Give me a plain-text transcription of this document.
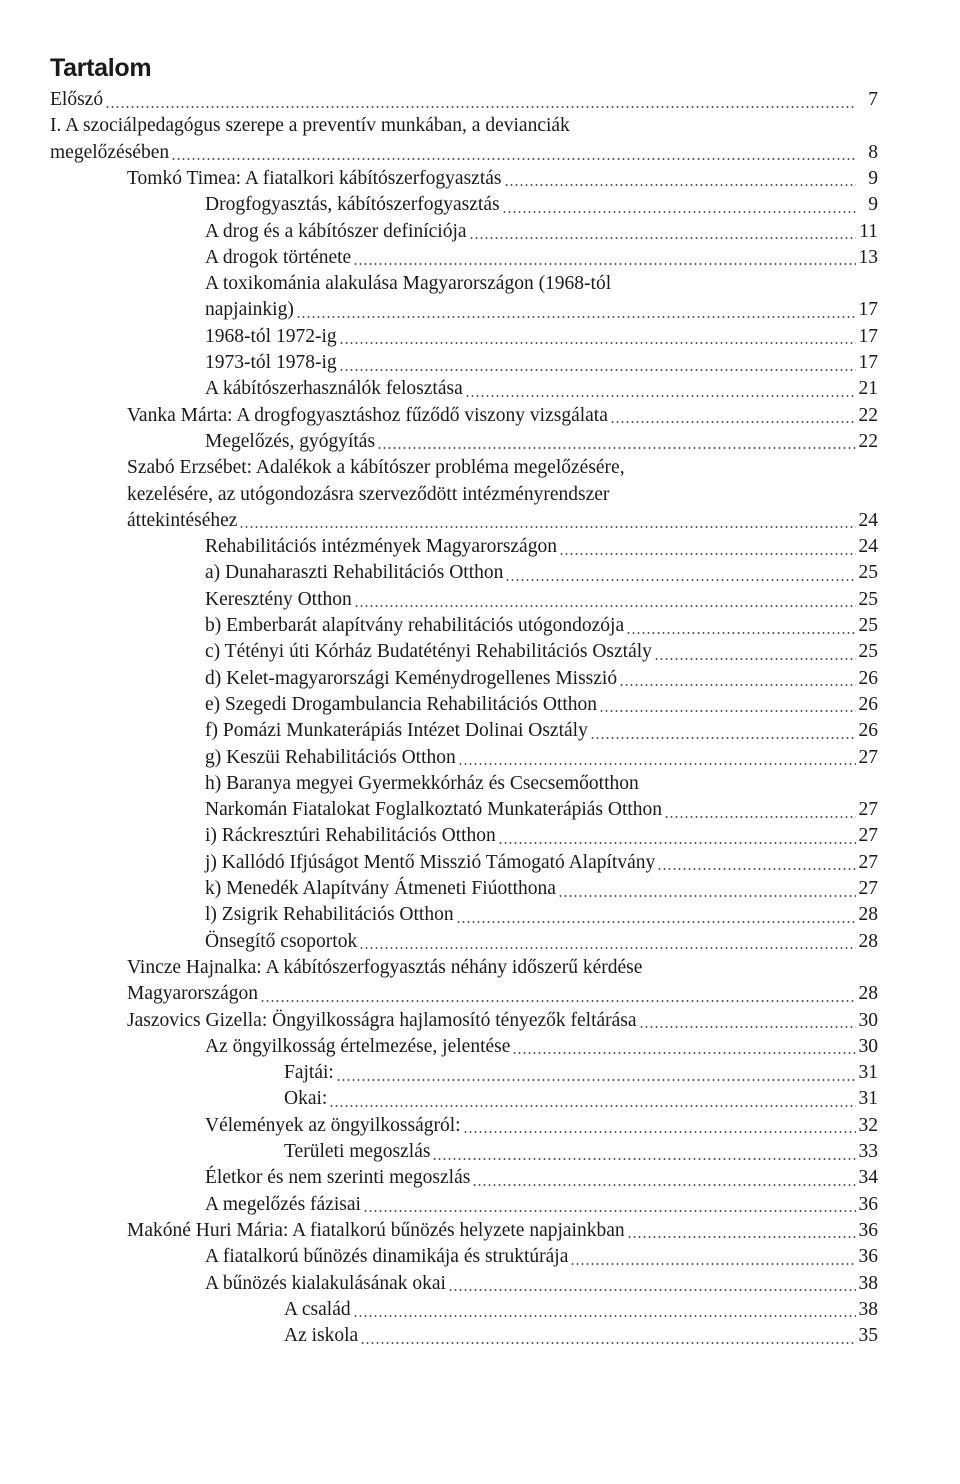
Tartalom
Előszó	7
I. A szociálpedagógus szerepe a preventív munkában, a devianciák
megelőzésében	8
Tomkó Timea: A fiatalkori kábítószerfogyasztás	9
Drogfogyasztás, kábítószerfogyasztás	9
A drog és a kábítószer definíciója	11
A drogok története	13
A toxikománia alakulása Magyarországon (1968-tól
napjainkig)	17
1968-tól 1972-ig	17
1973-tól 1978-ig	17
A kábítószerhasználók felosztása	21
Vanka Márta: A drogfogyasztáshoz fűződő viszony vizsgálata	22
Megelőzés, gyógyítás	22
Szabó Erzsébet: Adalékok a kábítószer probléma megelőzésére,
kezelésére, az utógondozásra szerveződött intézményrendszer
áttekintéséhez	24
Rehabilitációs intézmények Magyarországon	24
a) Dunaharaszti Rehabilitációs Otthon	25
Keresztény Otthon	25
b) Emberbarát alapítvány rehabilitációs utógondozója	25
c) Tétényi úti Kórház Budatétényi Rehabilitációs Osztály	25
d) Kelet-magyarországi Keménydrogellenes Misszió	26
e) Szegedi Drogambulancia Rehabilitációs Otthon	26
f) Pomázi Munkaterápiás Intézet Dolinai Osztály	26
g) Keszüi Rehabilitációs Otthon	27
h) Baranya megyei Gyermekkórház és Csecsemőotthon
Narkomán Fiatalokat Foglalkoztató Munkaterápiás Otthon	27
i) Ráckresztúri Rehabilitációs Otthon	27
j) Kallódó Ifjúságot Mentő Misszió Támogató Alapítvány	27
k) Menedék Alapítvány Átmeneti Fiúotthona	27
l) Zsigrik Rehabilitációs Otthon	28
Önsegítő csoportok	28
Vincze Hajnalka: A kábítószerfogyasztás néhány időszerű kérdése
Magyarországon	28
Jaszovics Gizella: Öngyilkosságra hajlamosító tényezők feltárása	30
Az öngyilkosság értelmezése, jelentése	30
Fajtái:	31
Okai:	31
Vélemények az öngyilkosságról:	32
Területi megoszlás	33
Életkor és nem szerinti megoszlás	34
A megelőzés fázisai	36
Makóné Huri Mária: A fiatalkorú bűnözés helyzete napjainkban	36
A fiatalkorú bűnözés dinamikája és struktúrája	36
A bűnözés kialakulásának okai	38
A család	38
Az iskola	35
